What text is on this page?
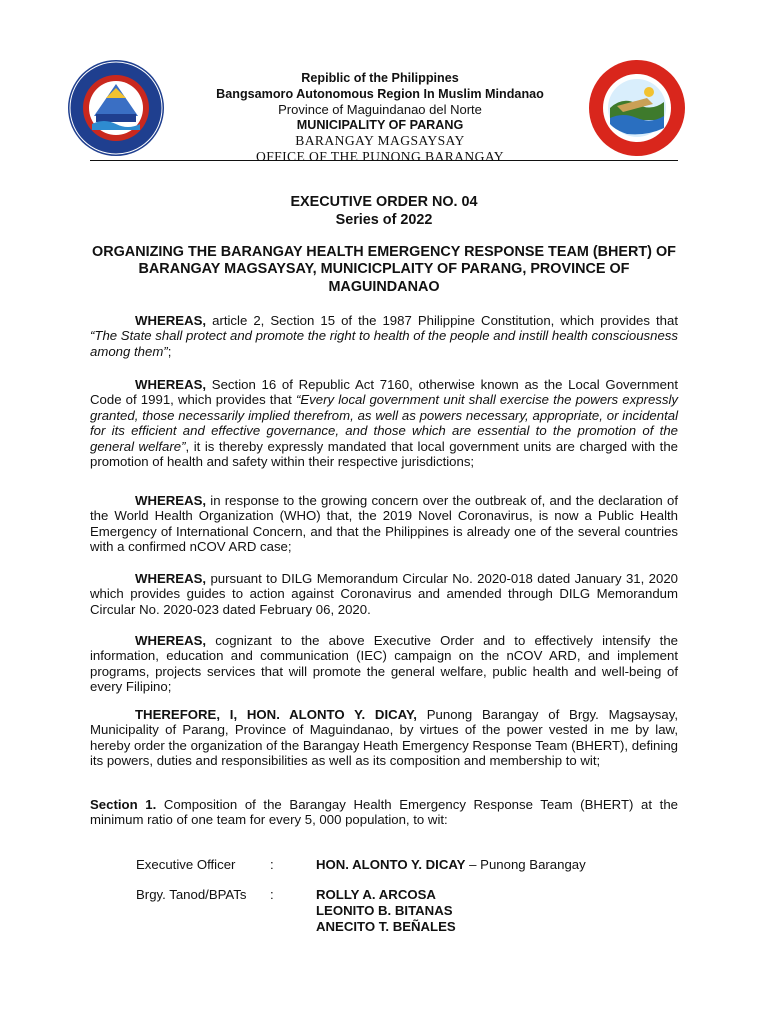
Repiblic of the Philippines
Bangsamoro Autonomous Region In Muslim Mindanao
Province of Maguindanao del Norte
MUNICIPALITY OF PARANG
BARANGAY MAGSAYSAY
OFFICE OF THE PUNONG BARANGAY
EXECUTIVE ORDER NO. 04
Series of 2022
ORGANIZING THE BARANGAY HEALTH EMERGENCY RESPONSE TEAM (BHERT) OF BARANGAY MAGSAYSAY, MUNICICPLAITY OF PARANG, PROVINCE OF MAGUINDANAO

WHEREAS, article 2, Section 15 of the 1987 Philippine Constitution, which provides that “The State shall protect and promote the right to health of the people and instill health consciousness among them”;

WHEREAS, Section 16 of Republic Act 7160, otherwise known as the Local Government Code of 1991, which provides that “Every local government unit shall exercise the powers expressly granted, those necessarily implied therefrom, as well as powers necessary, appropriate, or incidental for its efficient and effective governance, and those which are essential to the promotion of the general welfare”, it is thereby expressly mandated that local government units are charged with the promotion of health and safety within their respective jurisdictions;

WHEREAS, in response to the growing concern over the outbreak of, and the declaration of the World Health Organization (WHO) that, the 2019 Novel Coronavirus, is now a Public Health Emergency of International Concern, and that the Philippines is already one of the several countries with a confirmed nCOV ARD case;

WHEREAS, pursuant to DILG Memorandum Circular No. 2020-018 dated January 31, 2020 which provides guides to action against Coronavirus and amended through DILG Memorandum Circular No. 2020-023 dated February 06, 2020.

WHEREAS, cognizant to the above Executive Order and to effectively intensify the information, education and communication (IEC) campaign on the nCOV ARD, and implement programs, projects services that will promote the general welfare, public health and well-being of every Filipino;

THEREFORE, I, HON. ALONTO Y. DICAY, Punong Barangay of Brgy. Magsaysay, Municipality of Parang, Province of Maguindanao, by virtues of the power vested in me by law, hereby order the organization of the Barangay Heath Emergency Response Team (BHERT), defining its powers, duties and responsibilities as well as its composition and membership to wit;

Section 1. Composition of the Barangay Health Emergency Response Team (BHERT) at the minimum ratio of one team for every 5, 000 population, to wit:

Executive Officer	:	HON. ALONTO Y. DICAY – Punong Barangay
Brgy. Tanod/BPATs :	ROLLY A. ARCOSA
LEONITO B. BITANAS
ANECITO T. BEÑALES
